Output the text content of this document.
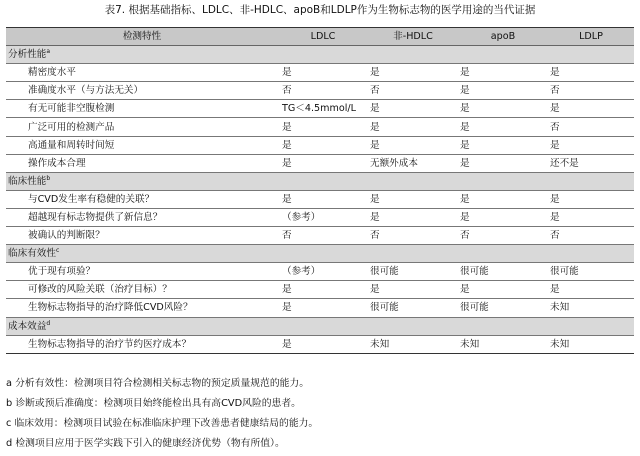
表7. 根据基础指标、LDLC、非-HDLC、apoB和LDLP作为生物标志物的医学用途的当代证据
检测特性	LDLC	非-HDLC	apoB	LDLP
分析性能$^a$
精密度水平	是	是	是	是
准确度水平（与方法无关）	否	否	是	否
有无可能非空腹检测	TG＜4.5mmol/L	是	是	是
广泛可用的检测产品	是	是	是	否
高通量和周转时间短	是	是	是	是
操作成本合理	是	无额外成本	是	还不是
临床性能$^b$
与CVD发生率有稳健的关联？	是	是	是	是
超越现有标志物提供了新信息？	（参考）	是	是	是
被确认的判断限？	否	否	否	否
临床有效性$^c$
优于现有项验？	（参考）	很可能	很可能	很可能
可修改的风险关联（治疗目标）？	是	是	是	是
生物标志物指导的治疗降低CVD风险？	是	很可能	很可能	未知
成本效益$^d$
生物标志物指导的治疗节约医疗成本？	是	未知	未知	未知
a 分析有效性：检测项目符合检测相关标志物的预定质量规范的能力。
b 诊断或预后准确度：检测项目始终能检出具有高CVD风险的患者。
c 临床效用：检测项目试验在标准临床护理下改善患者健康结局的能力。
d 检测项目应用于医学实践下引入的健康经济优势（物有所值）。
